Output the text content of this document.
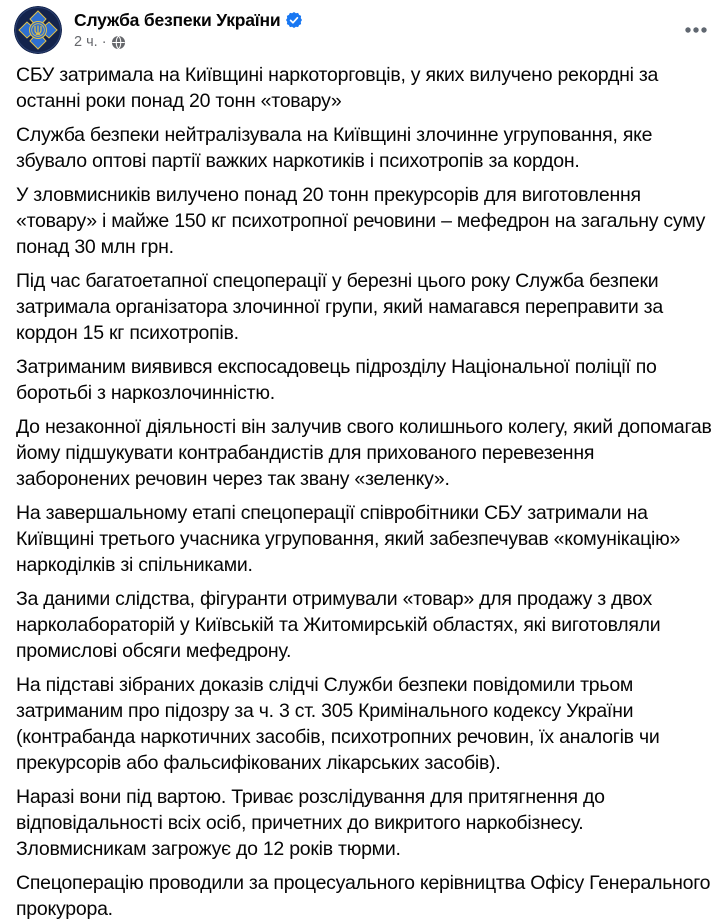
Служба безпеки України
2 ч. ·

СБУ затримала на Київщині наркоторговців, у яких вилучено рекордні за останні роки понад 20 тонн «товару»

Служба безпеки нейтралізувала на Київщині злочинне угруповання, яке збувало оптові партії важких наркотиків і психотропів за кордон.

У зловмисників вилучено понад 20 тонн прекурсорів для виготовлення «товару» і майже 150 кг психотропної речовини – мефедрон на загальну суму понад 30 млн грн.

Під час багатоетапної спецоперації у березні цього року Служба безпеки затримала організатора злочинної групи, який намагався переправити за кордон 15 кг психотропів.

Затриманим виявився експосадовець підрозділу Національної поліції по боротьбі з наркозлочинністю.

До незаконної діяльності він залучив свого колишнього колегу, який допомагав йому підшукувати контрабандистів для прихованого перевезення заборонених речовин через так звану «зеленку».

На завершальному етапі спецоперації співробітники СБУ затримали на Київщині третього учасника угруповання, який забезпечував «комунікацію» наркоділків зі спільниками.

За даними слідства, фігуранти отримували «товар» для продажу з двох нарколабораторій у Київській та Житомирській областях, які виготовляли промислові обсяги мефедрону.

На підставі зібраних доказів слідчі Служби безпеки повідомили трьом затриманим про підозру за ч. 3 ст. 305 Кримінального кодексу України (контрабанда наркотичних засобів, психотропних речовин, їх аналогів чи прекурсорів або фальсифікованих лікарських засобів).

Наразі вони під вартою. Триває розслідування для притягнення до відповідальності всіх осіб, причетних до викритого наркобізнесу. Зловмисникам загрожує до 12 років тюрми.

Спецоперацію проводили за процесуального керівництва Офісу Генерального прокурора.
